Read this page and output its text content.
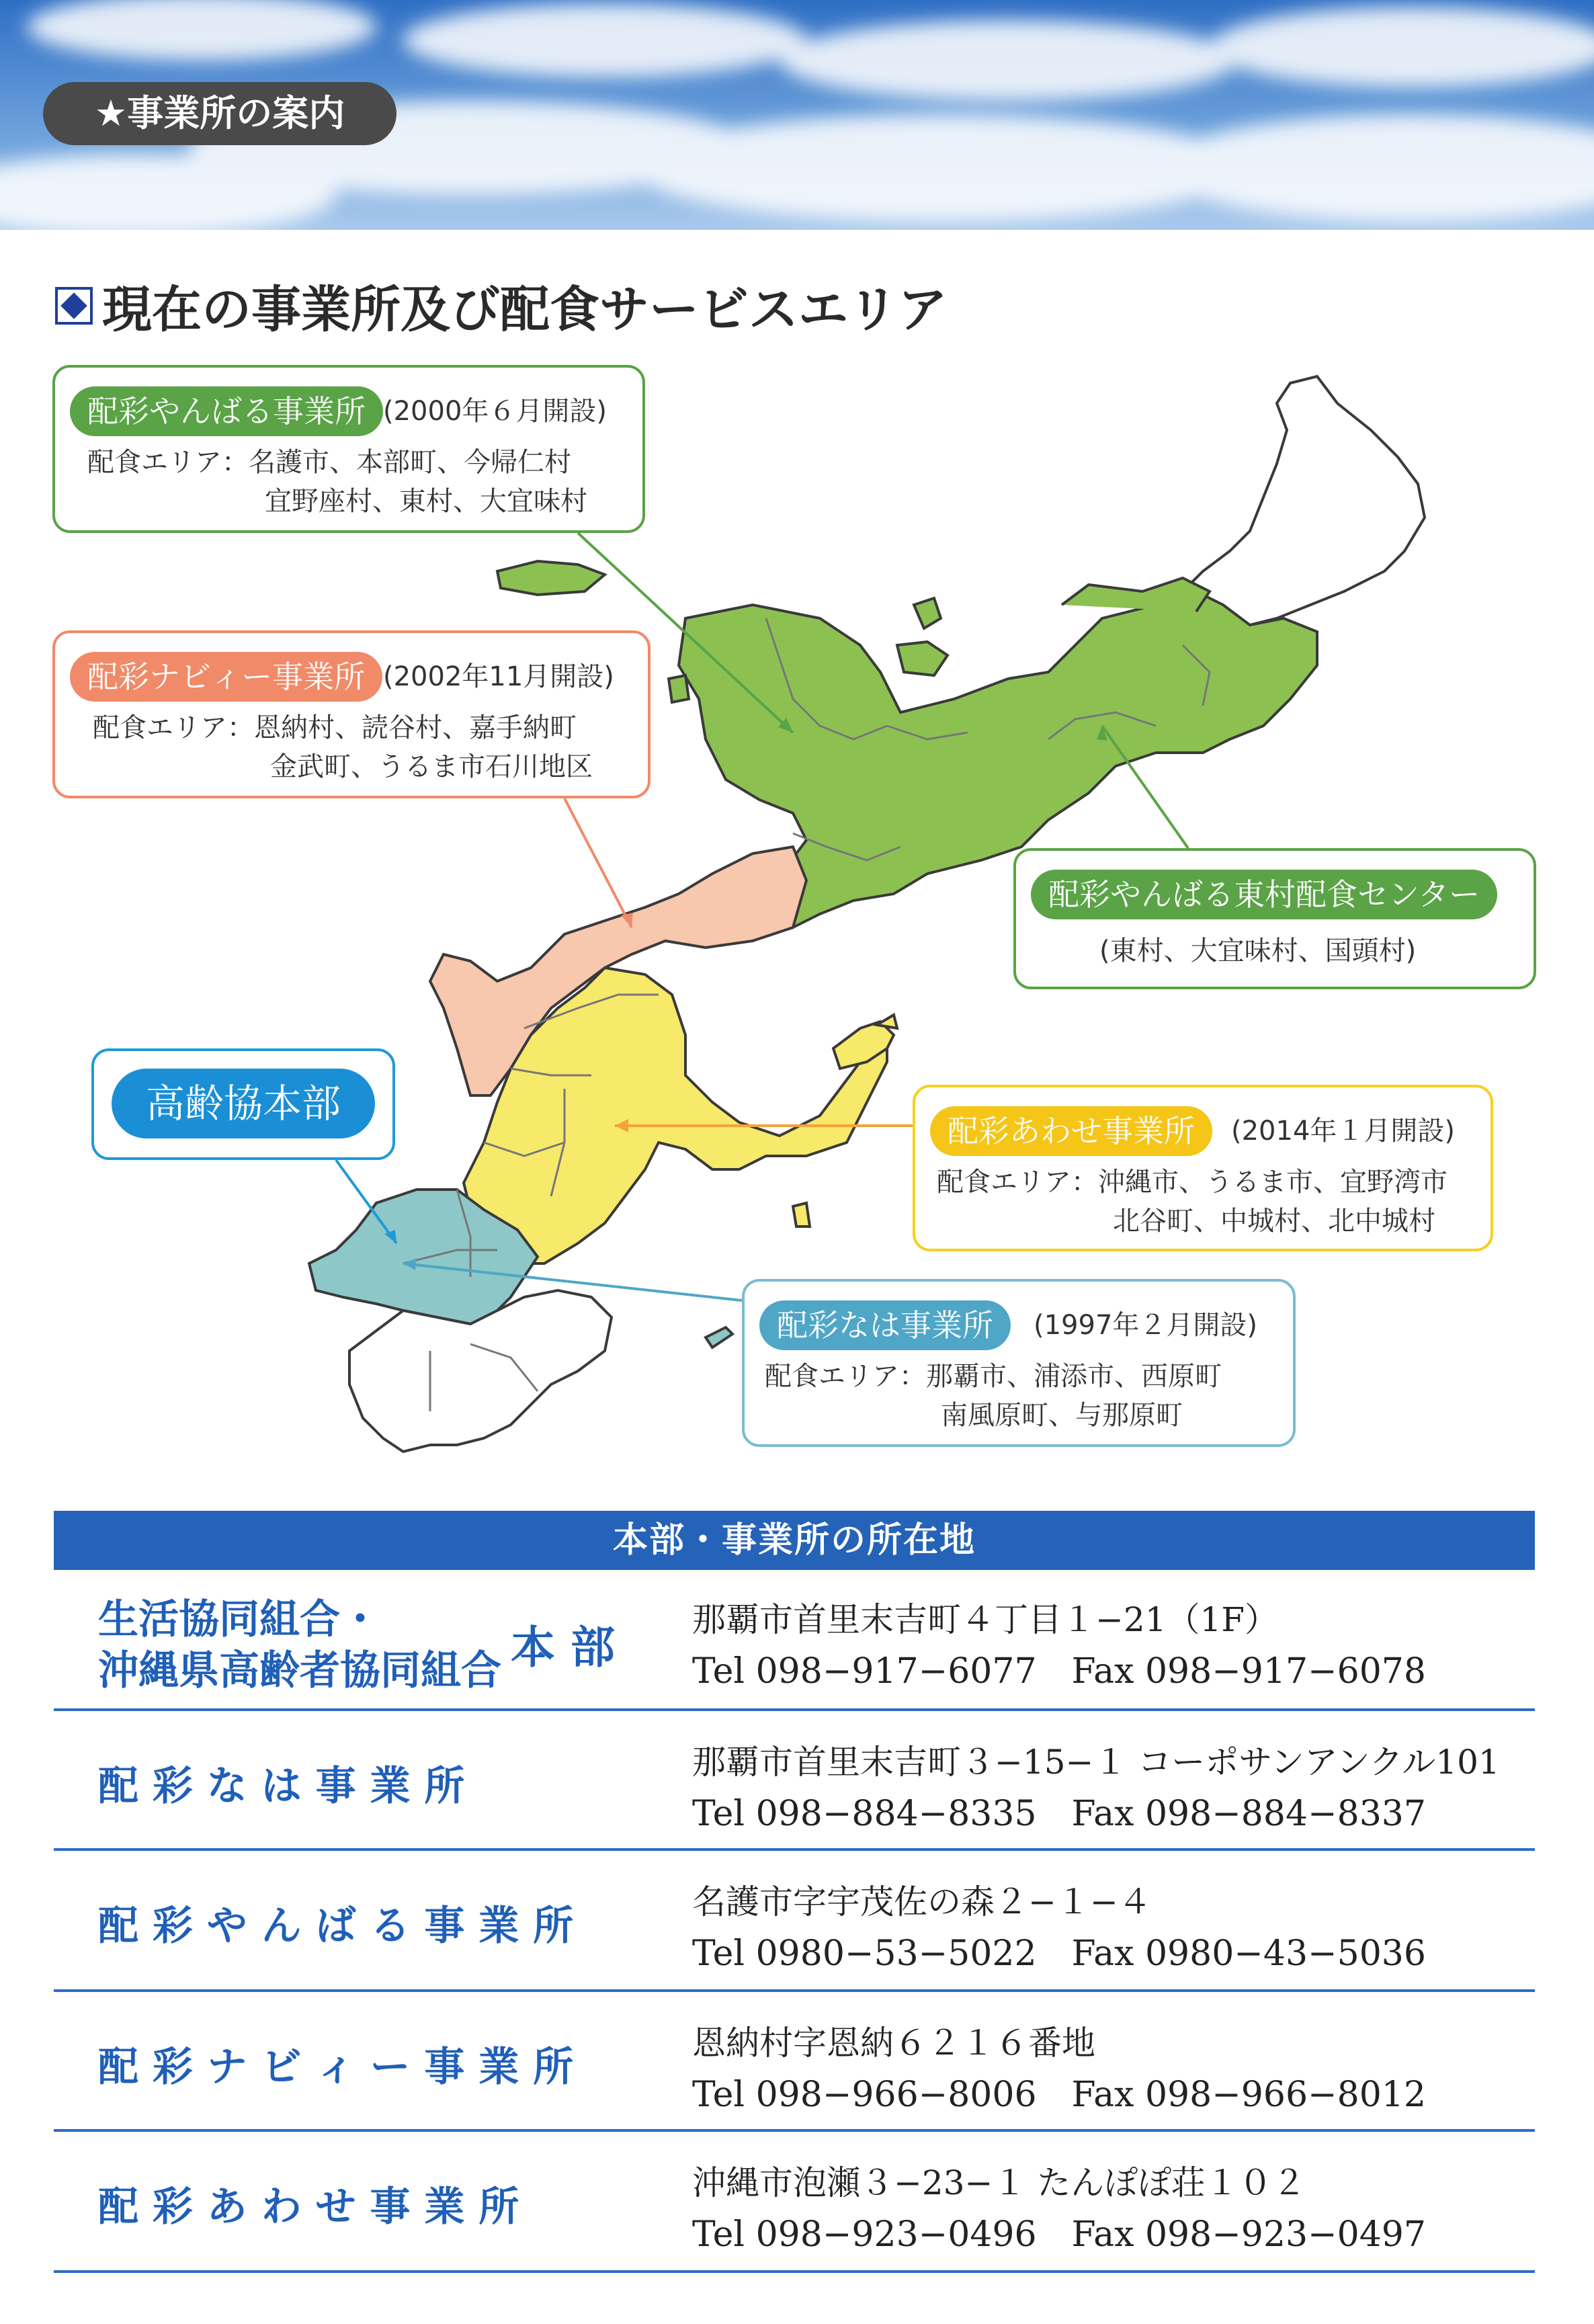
★事業所の案内
現在の事業所及び配食サービスエリア
配彩やんばる事業所 (2000年６月開設)
配食エリア：名護市、本部町、今帰仁村
宜野座村、東村、大宜味村
配彩ナビィー事業所 (2002年11月開設)
配食エリア：恩納村、読谷村、嘉手納町
金武町、うるま市石川地区
配彩やんばる東村配食センター
(東村、大宜味村、国頭村)
高齢協本部
配彩あわせ事業所	(2014年１月開設)
配食エリア：沖縄市、うるま市、宜野湾市
北谷町、中城村、北中城村
配彩なは事業所	(1997年２月開設)
配食エリア：那覇市、浦添市、西原町
南風原町、与那原町
本部・事業所の所在地
生活協同組合・
沖縄県高齢者協同組合 本 部
那覇市首里末吉町４丁目１−21（1F）
Tel 098−917−6077　Fax 098−917−6078
配 彩 な は 事 業 所
那覇市首里末吉町３−15−１ コーポサンアンクル101
Tel 098−884−8335　Fax 098−884−8337
配 彩 や ん ば る 事 業 所
名護市字宇茂佐の森２−１−４
Tel 0980−53−5022　Fax 0980−43−5036
配 彩 ナ ビ ィ ー 事 業 所
恩納村字恩納６２１６番地
Tel 098−966−8006　Fax 098−966−8012
配 彩 あ わ せ 事 業 所
沖縄市泡瀬３−23−１ たんぽぽ荘１０２
Tel 098−923−0496　Fax 098−923−0497
